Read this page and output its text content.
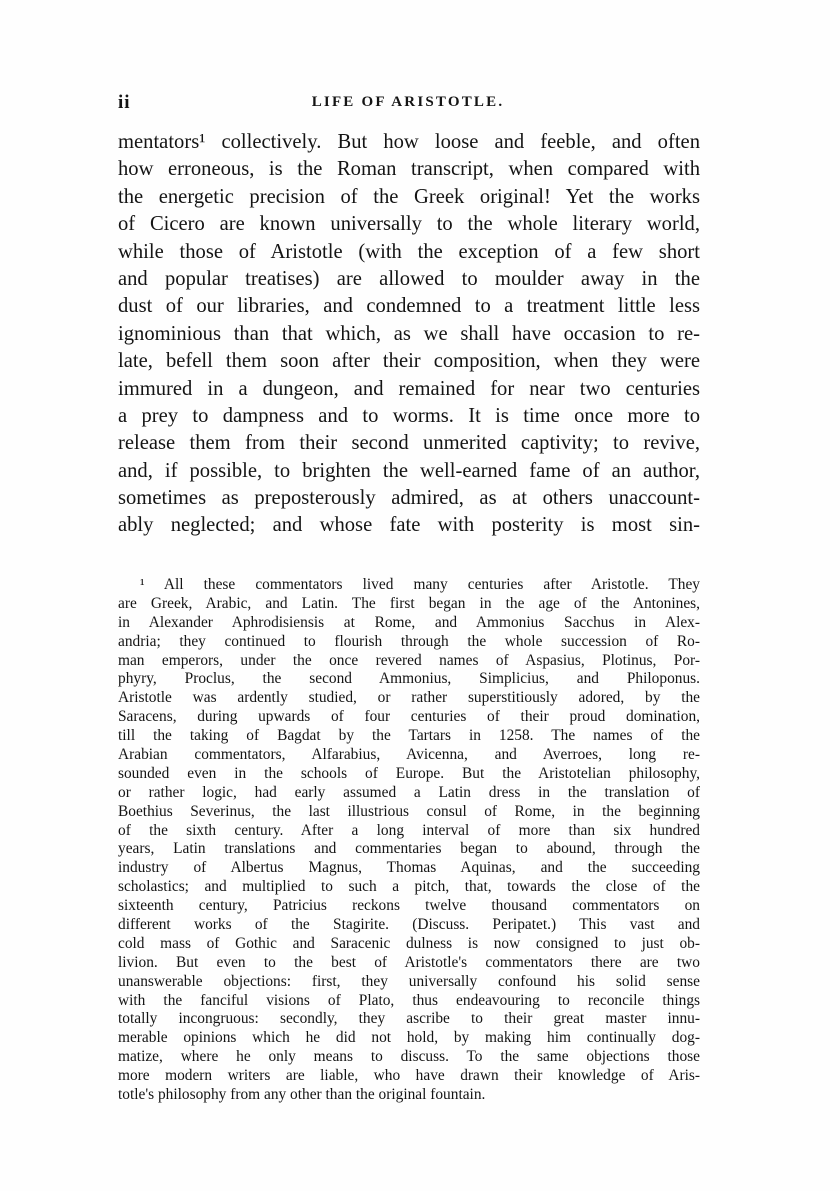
ii	LIFE OF ARISTOTLE.
mentators¹ collectively. But how loose and feeble, and often
how erroneous, is the Roman transcript, when compared with
the energetic precision of the Greek original! Yet the works
of Cicero are known universally to the whole literary world,
while those of Aristotle (with the exception of a few short
and popular treatises) are allowed to moulder away in the
dust of our libraries, and condemned to a treatment little less
ignominious than that which, as we shall have occasion to re-
late, befell them soon after their composition, when they were
immured in a dungeon, and remained for near two centuries
a prey to dampness and to worms. It is time once more to
release them from their second unmerited captivity; to revive,
and, if possible, to brighten the well-earned fame of an author,
sometimes as preposterously admired, as at others unaccount-
ably neglected; and whose fate with posterity is most sin-
¹ All these commentators lived many centuries after Aristotle. They
are Greek, Arabic, and Latin. The first began in the age of the Antonines,
in Alexander Aphrodisiensis at Rome, and Ammonius Sacchus in Alex-
andria; they continued to flourish through the whole succession of Ro-
man emperors, under the once revered names of Aspasius, Plotinus, Por-
phyry, Proclus, the second Ammonius, Simplicius, and Philoponus.
Aristotle was ardently studied, or rather superstitiously adored, by the
Saracens, during upwards of four centuries of their proud domination,
till the taking of Bagdat by the Tartars in 1258. The names of the
Arabian commentators, Alfarabius, Avicenna, and Averroes, long re-
sounded even in the schools of Europe. But the Aristotelian philosophy,
or rather logic, had early assumed a Latin dress in the translation of
Boethius Severinus, the last illustrious consul of Rome, in the beginning
of the sixth century. After a long interval of more than six hundred
years, Latin translations and commentaries began to abound, through the
industry of Albertus Magnus, Thomas Aquinas, and the succeeding
scholastics; and multiplied to such a pitch, that, towards the close of the
sixteenth century, Patricius reckons twelve thousand commentators on
different works of the Stagirite. (Discuss. Peripatet.) This vast and
cold mass of Gothic and Saracenic dulness is now consigned to just ob-
livion. But even to the best of Aristotle's commentators there are two
unanswerable objections: first, they universally confound his solid sense
with the fanciful visions of Plato, thus endeavouring to reconcile things
totally incongruous: secondly, they ascribe to their great master innu-
merable opinions which he did not hold, by making him continually dog-
matize, where he only means to discuss. To the same objections those
more modern writers are liable, who have drawn their knowledge of Aris-
totle's philosophy from any other than the original fountain.
